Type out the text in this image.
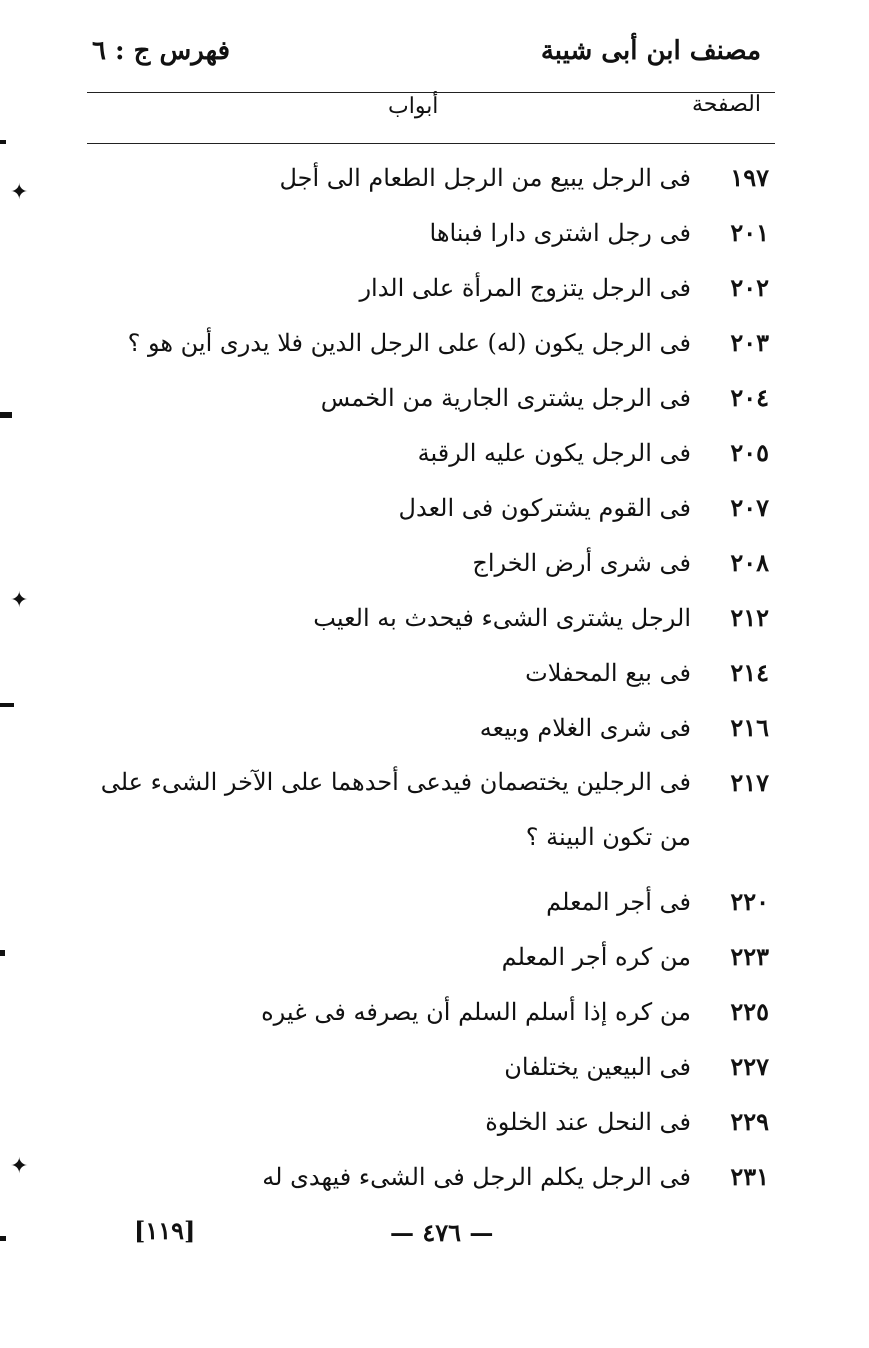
مصنف ابن أبى شيبة
فهرس ج : ٦
الصفحة
أبواب
١٩٧
فى الرجل يبيع من الرجل الطعام الى أجل
٢٠١
فى رجل اشترى دارا فبناها
٢٠٢
فى الرجل يتزوج المرأة على الدار
٢٠٣
فى الرجل يكون (له) على الرجل الدين فلا يدرى أين هو ؟
٢٠٤
فى الرجل يشترى الجارية من الخمس
٢٠٥
فى الرجل يكون عليه الرقبة
٢٠٧
فى القوم يشتركون فى العدل
٢٠٨
فى شرى أرض الخراج
٢١٢
الرجل يشترى الشىء فيحدث به العيب
٢١٤
فى بيع المحفلات
٢١٦
فى شرى الغلام وبيعه
٢١٧
فى الرجلين يختصمان فيدعى أحدهما على الآخر الشىء على من تكون البينة ؟
٢٢٠
فى أجر المعلم
٢٢٣
من كره أجر المعلم
٢٢٥
من كره إذا أسلم السلم أن يصرفه فى غيره
٢٢٧
فى البيعين يختلفان
٢٢٩
فى النحل عند الخلوة
٢٣١
فى الرجل يكلم الرجل فى الشىء فيهدى له
[١١٩]	— ٤٧٦ —
✦
✦
✦
